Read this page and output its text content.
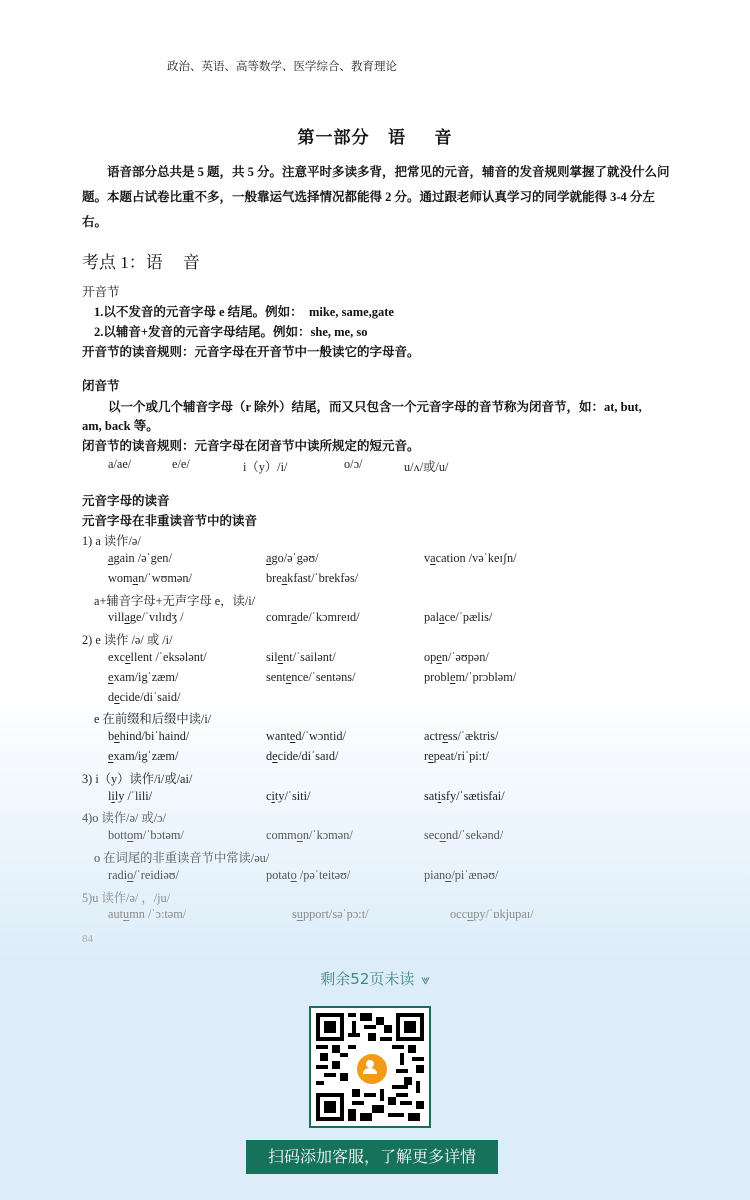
政治、英语、高等数学、医学综合、教育理论
第一部分 语 音
语音部分总共是 5 题，共 5 分。注意平时多读多背，把常见的元音，辅音的发音规则掌握了就没什么问题。本题占试卷比重不多，一般靠运气选择情况都能得 2 分。通过跟老师认真学习的同学就能得 3-4 分左右。
考点 1：语 音
开音节
1.以不发音的元音字母 e 结尾。例如： mike, same,gate
2.以辅音+发音的元音字母结尾。例如：she, me, so
开音节的读音规则：元音字母在开音节中一般读它的字母音。
闭音节
以一个或几个辅音字母（r 除外）结尾，而又只包含一个元音字母的音节称为闭音节，如：at, but,
am, back 等。
闭音节的读音规则：元音字母在闭音节中读所规定的短元音。
a/ae/	e/e/	i（y）/i/	o/ɔ/	u/ʌ/或/u/
元音字母的读音
元音字母在非重读音节中的读音
1) a 读作/ə/
again /əˈgen/	ago/əˈgəʊ/	vacation /vəˈkeɪʃn/
woman/ˈwʊmən/	breakfast/ˈbrekfəs/
a+辅音字母+无声字母 e，读/i/
village/ˈvɪlɪdʒ /	comrade/ˈkɔmreɪd/	palace/ˈpælis/
2) e 读作 /ə/ 或 /i/
excellent /ˈeksələnt/	silent/ˈsailənt/	open/ˈəʊpən/
exam/igˈzæm/	sentence/ˈsentəns/	problem/ˈprɔbləm/
decide/diˈsaid/
e 在前缀和后缀中读/i/
behind/biˈhaind/	wanted/ˈwɔntid/	actress/ˈæktris/
exam/igˈzæm/	decide/diˈsaɪd/	repeat/riˈpi:t/
3) i（y）读作/i/或/ai/
lily /ˈlili/	city/ˈsiti/	satisfy/ˈsætisfai/
4)o 读作/ə/ 或/ɔ/
bottom/ˈbɔtəm/	common/ˈkɔmən/	second/ˈsekənd/
o 在词尾的非重读音节中常读/əu/
radio/ˈreidiəʊ/	potato /pəˈteitəʊ/	piano/piˈænəʊ/
5)u 读作/ə/ ，/ju/
autumn /ˈɔ:təm/	support/səˈpɔ:t/	occupy/ˈɒkjupaɪ/
84
剩余52页未读 ⩔
扫码添加客服，了解更多详情
